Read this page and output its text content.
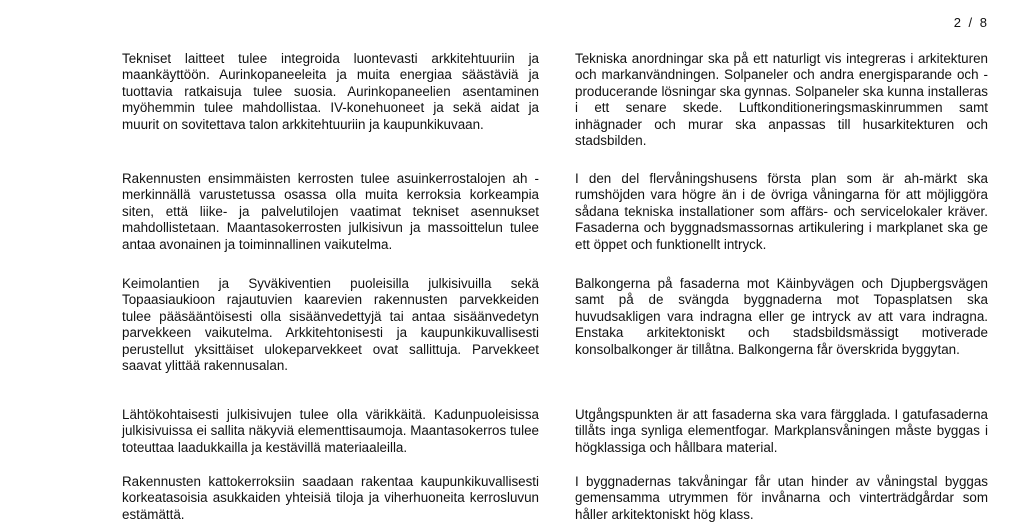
2 / 8

Tekniset laitteet tulee integroida luontevasti arkkitehtuuriin ja maankäyttöön. Aurinkopaneeleita ja muita energiaa säästäviä ja tuottavia ratkaisuja tulee suosia. Aurinkopaneelien asentaminen myöhemmin tulee mahdollistaa. IV-konehuoneet ja sekä aidat ja muurit on sovitettava talon arkkitehtuuriin ja kaupunkikuvaan.

Rakennusten ensimmäisten kerrosten tulee asuinkerrostalojen ah -merkinnällä varustetussa osassa olla muita kerroksia korkeampia siten, että liike- ja palvelutilojen vaatimat tekniset asennukset mahdollistetaan. Maantasokerrosten julkisivun ja massoittelun tulee antaa avonainen ja toiminnallinen vaikutelma.

Keimolantien ja Syväkiventien puoleisilla julkisivuilla sekä Topaasiaukioon rajautuvien kaarevien rakennusten parvekkeiden tulee pääsääntöisesti olla sisäänvedettyjä tai antaa sisäänvedetyn parvekkeen vaikutelma. Arkkitehtonisesti ja kaupunkikuvallisesti perustellut yksittäiset ulokeparvekkeet ovat sallittuja. Parvekkeet saavat ylittää rakennusalan.

Lähtökohtaisesti julkisivujen tulee olla värikkäitä. Kadunpuoleisissa julkisivuissa ei sallita näkyviä elementtisaumoja. Maantasokerros tulee toteuttaa laadukkailla ja kestävillä materiaaleilla.

Rakennusten kattokerroksiin saadaan rakentaa kaupunkikuvallisesti korkeatasoisia asukkaiden yhteisiä tiloja ja viherhuoneita kerrosluvun estämättä.

Tekniska anordningar ska på ett naturligt vis integreras i arkitekturen och markanvändningen. Solpaneler och andra energisparande och -producerande lösningar ska gynnas. Solpaneler ska kunna installeras i ett senare skede. Luftkonditioneringsmaskinrummen samt inhägnader och murar ska anpassas till husarkitekturen och stadsbilden.

I den del flervåningshusens första plan som är ah-märkt ska rumshöjden vara högre än i de övriga våningarna för att möjliggöra sådana tekniska installationer som affärs- och servicelokaler kräver. Fasaderna och byggnadsmassornas artikulering i markplanet ska ge ett öppet och funktionellt intryck.

Balkongerna på fasaderna mot Käinbyvägen och Djupbergsvägen samt på de svängda byggnaderna mot Topasplatsen ska huvudsakligen vara indragna eller ge intryck av att vara indragna. Enstaka arkitektoniskt och stadsbildsmässigt motiverade konsolbalkonger är tillåtna. Balkongerna får överskrida byggytan.

Utgångspunkten är att fasaderna ska vara färgglada. I gatufasaderna tillåts inga synliga elementfogar. Markplansvåningen måste byggas i högklassiga och hållbara material.

I byggnadernas takvåningar får utan hinder av våningstal byggas gemensamma utrymmen för invånarna och vinterträdgårdar som håller arkitektoniskt hög klass.
